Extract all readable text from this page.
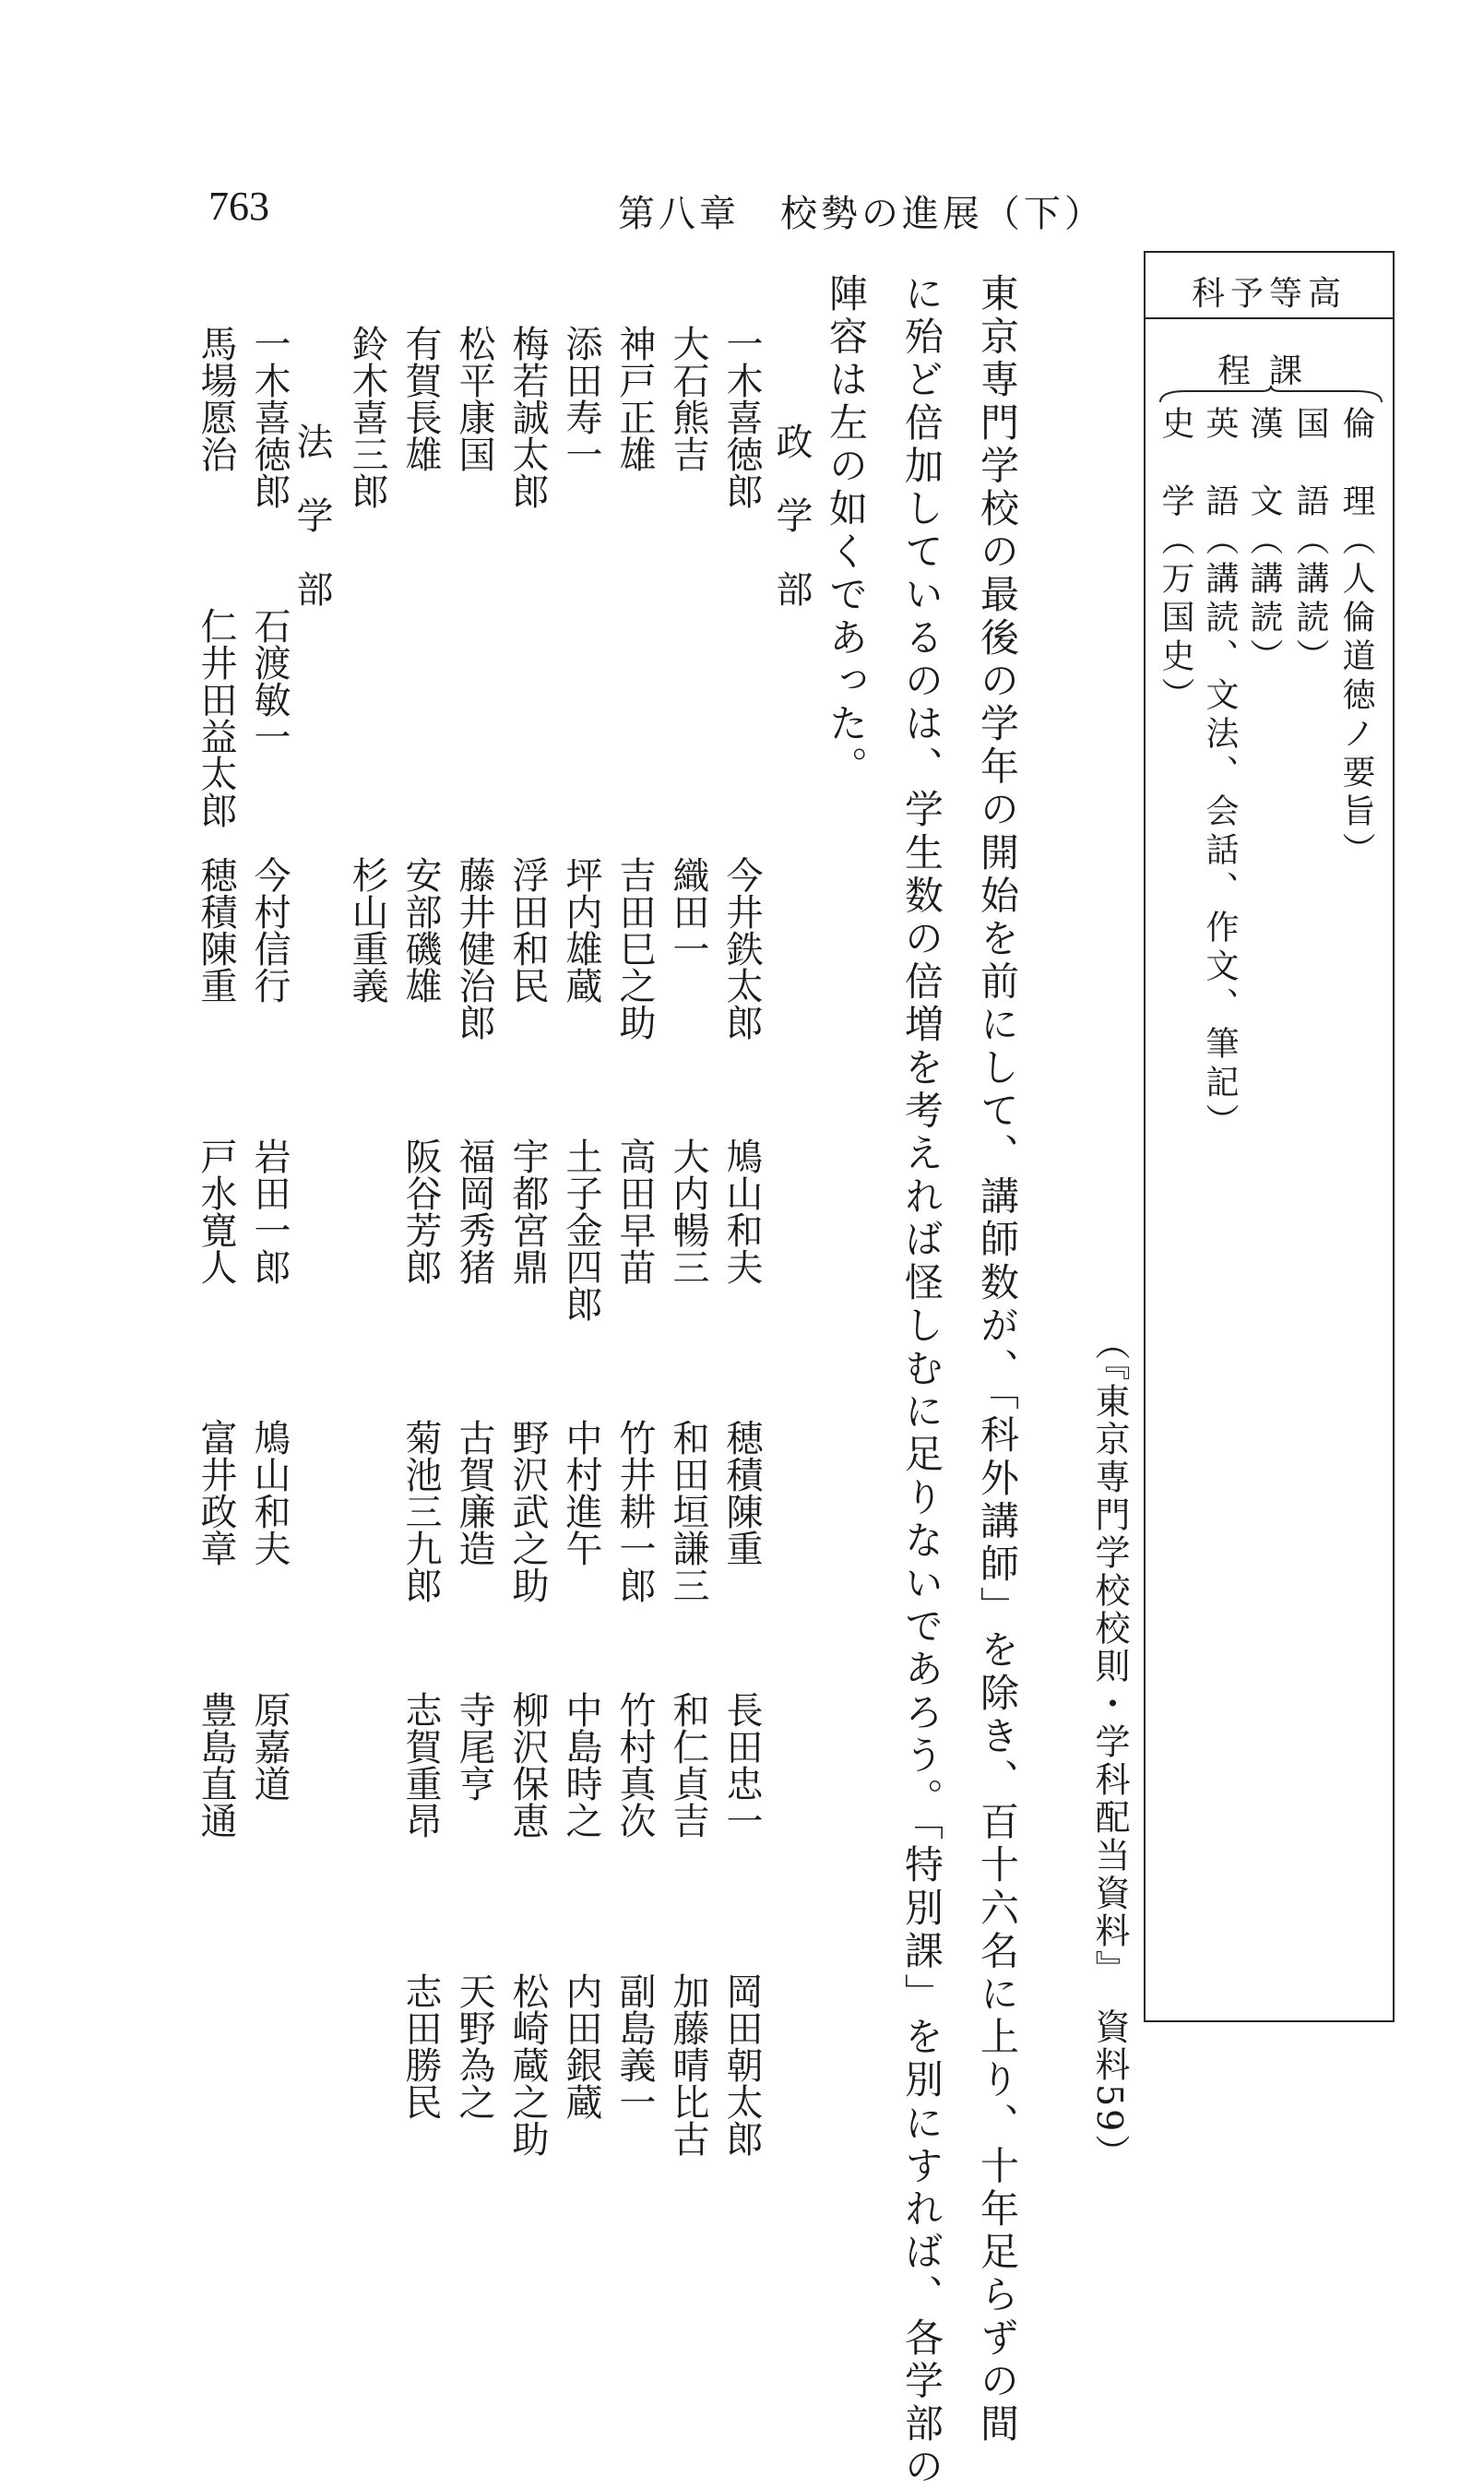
763	第八章　校勢の進展（下）
科予等高
程課
倫　理（人倫道徳ノ要旨）
国　語（講読）
漢　文（講読）
英　語（講読、文法、会話、作文、筆記）
史　学（万国史）
（『東京専門学校校則・学科配当資料』　資料59）
東京専門学校の最後の学年の開始を前にして、講師数が、「科外講師」を除き、百十六名に上り、十年足らずの間
に殆ど倍加しているのは、学生数の倍増を考えれば怪しむに足りないであろう。「特別課」を別にすれば、各学部の
陣容は左の如くであった。
政学部
法学部
一木喜徳郎
大石熊吉
神戸正雄
添田寿一
梅若誠太郎
松平康国
有賀長雄
鈴木喜三郎
今井鉄太郎
織田一
吉田巳之助
坪内雄蔵
浮田和民
藤井健治郎
安部磯雄
杉山重義
鳩山和夫
大内暢三
高田早苗
土子金四郎
宇都宮鼎
福岡秀猪
阪谷芳郎
穂積陳重
和田垣謙三
竹井耕一郎
中村進午
野沢武之助
古賀廉造
菊池三九郎
長田忠一
和仁貞吉
竹村真次
中島時之
柳沢保恵
寺尾亨
志賀重昂
岡田朝太郎
加藤晴比古
副島義一
内田銀蔵
松崎蔵之助
天野為之
志田勝民
一木喜徳郎
馬場愿治
石渡敏一
仁井田益太郎
今村信行
穂積陳重
岩田一郎
戸水寛人
鳩山和夫
富井政章
原嘉道
豊島直通
